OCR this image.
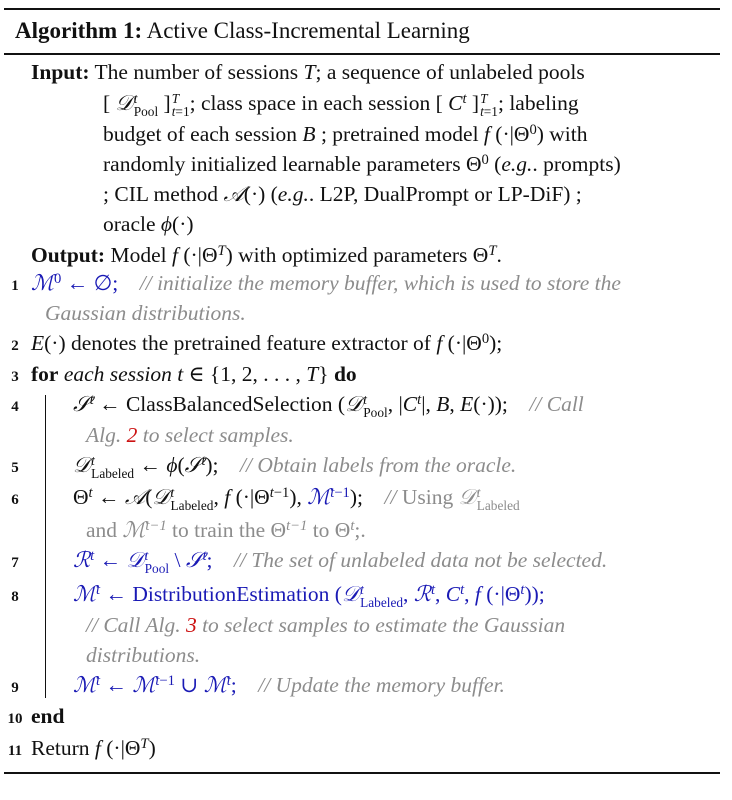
Algorithm 1: Active Class-Incremental Learning
Input: The number of sessions T; a sequence of unlabeled pools
[ 𝒟 t
Pool ] T
t=1 ; class space in each session [ $C^t$ ] T
t=1 ; labeling
budget of each session B ; pretrained model f $(\cdot|\Theta^0)$ with
randomly initialized learnable parameters $\Theta^0$ (e.g.. prompts)
; CIL method 𝒜(·) (e.g.. L2P, DualPrompt or LP-DiF) ;
oracle ϕ(·)
Output: Model f $(\cdot|\Theta^T)$ with optimized parameters $\Theta^T$.
1 ℳ$^0$ ← ∅;    // initialize the memory buffer, which is used to store the
Gaussian distributions.
2 E(·) denotes the pretrained feature extractor of f $(\cdot|\Theta^0)$;
3 for each session t ∈ {1, 2, . . . , T} do
4	𝒮$^t$ ← ClassBalancedSelection (𝒟 t
Pool , $|C^t|$, B, E(·));    // Call
Alg. 2 to select samples.
5	𝒟 t
Labeled ← ϕ(𝒮$^t$);    // Obtain labels from the oracle.
6	$\Theta^t$ ← 𝒜(𝒟 t
Labeled , f $(\cdot|\Theta^{t-1})$, ℳ$^{t-1}$);    // Using 𝒟 t
Labeled
and ℳ$^{t-1}$ to train the $\Theta^{t-1}$ to $\Theta^t$;.
7	ℛ$^t$ ← 𝒟 t
Pool \ 𝒮$^t$; // The set of unlabeled data not be selected.
8	ℳ$^t$ ← DistributionEstimation (𝒟 t
Labeled , ℛ$^t$, $C^t$, f $(\cdot|\Theta^t)$);
// Call Alg. 3 to select samples to estimate the Gaussian
distributions.
9	ℳ$^t$ ← ℳ$^{t-1}$ ∪ ℳ$^t$; // Update the memory buffer.
10 end
11 Return f $(\cdot|\Theta^T)$
